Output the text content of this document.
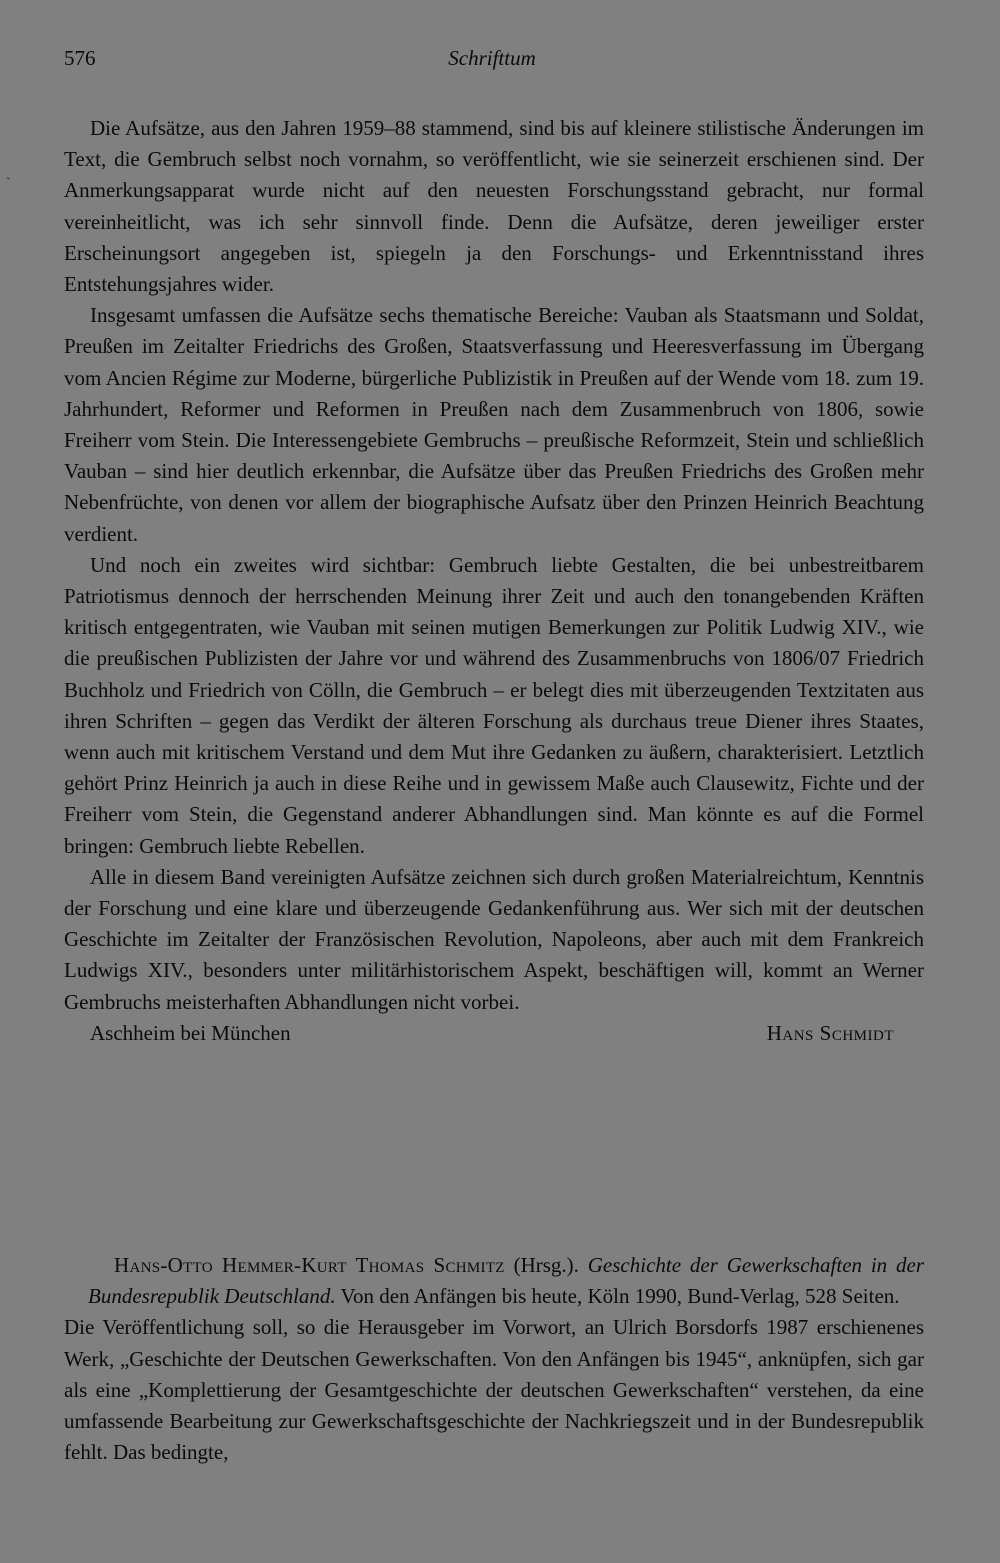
`
576	Schrifttum

Die Aufsätze, aus den Jahren 1959–88 stammend, sind bis auf kleinere stilistische Änderungen im Text, die Gembruch selbst noch vornahm, so veröffentlicht, wie sie seinerzeit erschienen sind. Der Anmerkungsapparat wurde nicht auf den neuesten Forschungsstand gebracht, nur formal vereinheitlicht, was ich sehr sinnvoll finde. Denn die Aufsätze, deren jeweiliger erster Erscheinungsort angegeben ist, spiegeln ja den Forschungs- und Erkenntnisstand ihres Entstehungsjahres wider.

Insgesamt umfassen die Aufsätze sechs thematische Bereiche: Vauban als Staatsmann und Soldat, Preußen im Zeitalter Friedrichs des Großen, Staatsverfassung und Heeresverfassung im Übergang vom Ancien Régime zur Moderne, bürgerliche Publizistik in Preußen auf der Wende vom 18. zum 19. Jahrhundert, Reformer und Reformen in Preußen nach dem Zusammenbruch von 1806, sowie Freiherr vom Stein. Die Interessengebiete Gembruchs – preußische Reformzeit, Stein und schließlich Vauban – sind hier deutlich erkennbar, die Aufsätze über das Preußen Friedrichs des Großen mehr Nebenfrüchte, von denen vor allem der biographische Aufsatz über den Prinzen Heinrich Beachtung verdient.

Und noch ein zweites wird sichtbar: Gembruch liebte Gestalten, die bei unbestreitbarem Patriotismus dennoch der herrschenden Meinung ihrer Zeit und auch den tonangebenden Kräften kritisch entgegentraten, wie Vauban mit seinen mutigen Bemerkungen zur Politik Ludwig XIV., wie die preußischen Publizisten der Jahre vor und während des Zusammenbruchs von 1806/07 Friedrich Buchholz und Friedrich von Cölln, die Gembruch – er belegt dies mit überzeugenden Textzitaten aus ihren Schriften – gegen das Verdikt der älteren Forschung als durchaus treue Diener ihres Staates, wenn auch mit kritischem Verstand und dem Mut ihre Gedanken zu äußern, charakterisiert. Letztlich gehört Prinz Heinrich ja auch in diese Reihe und in gewissem Maße auch Clausewitz, Fichte und der Freiherr vom Stein, die Gegenstand anderer Abhandlungen sind. Man könnte es auf die Formel bringen: Gembruch liebte Rebellen.

Alle in diesem Band vereinigten Aufsätze zeichnen sich durch großen Materialreichtum, Kenntnis der Forschung und eine klare und überzeugende Gedankenführung aus. Wer sich mit der deutschen Geschichte im Zeitalter der Französischen Revolution, Napoleons, aber auch mit dem Frankreich Ludwigs XIV., besonders unter militärhistorischem Aspekt, beschäftigen will, kommt an Werner Gembruchs meisterhaften Abhandlungen nicht vorbei.

Aschheim bei München	Hans Schmidt

Hans-Otto Hemmer-Kurt Thomas Schmitz (Hrsg.). Geschichte der Gewerkschaften in der Bundesrepublik Deutschland. Von den Anfängen bis heute, Köln 1990, Bund-Verlag, 528 Seiten.

Die Veröffentlichung soll, so die Herausgeber im Vorwort, an Ulrich Borsdorfs 1987 erschienenes Werk, „Geschichte der Deutschen Gewerkschaften. Von den Anfängen bis 1945“, anknüpfen, sich gar als eine „Komplettierung der Gesamtgeschichte der deutschen Gewerkschaften“ verstehen, da eine umfassende Bearbeitung zur Gewerkschaftsgeschichte der Nachkriegszeit und in der Bundesrepublik fehlt. Das bedingte,
